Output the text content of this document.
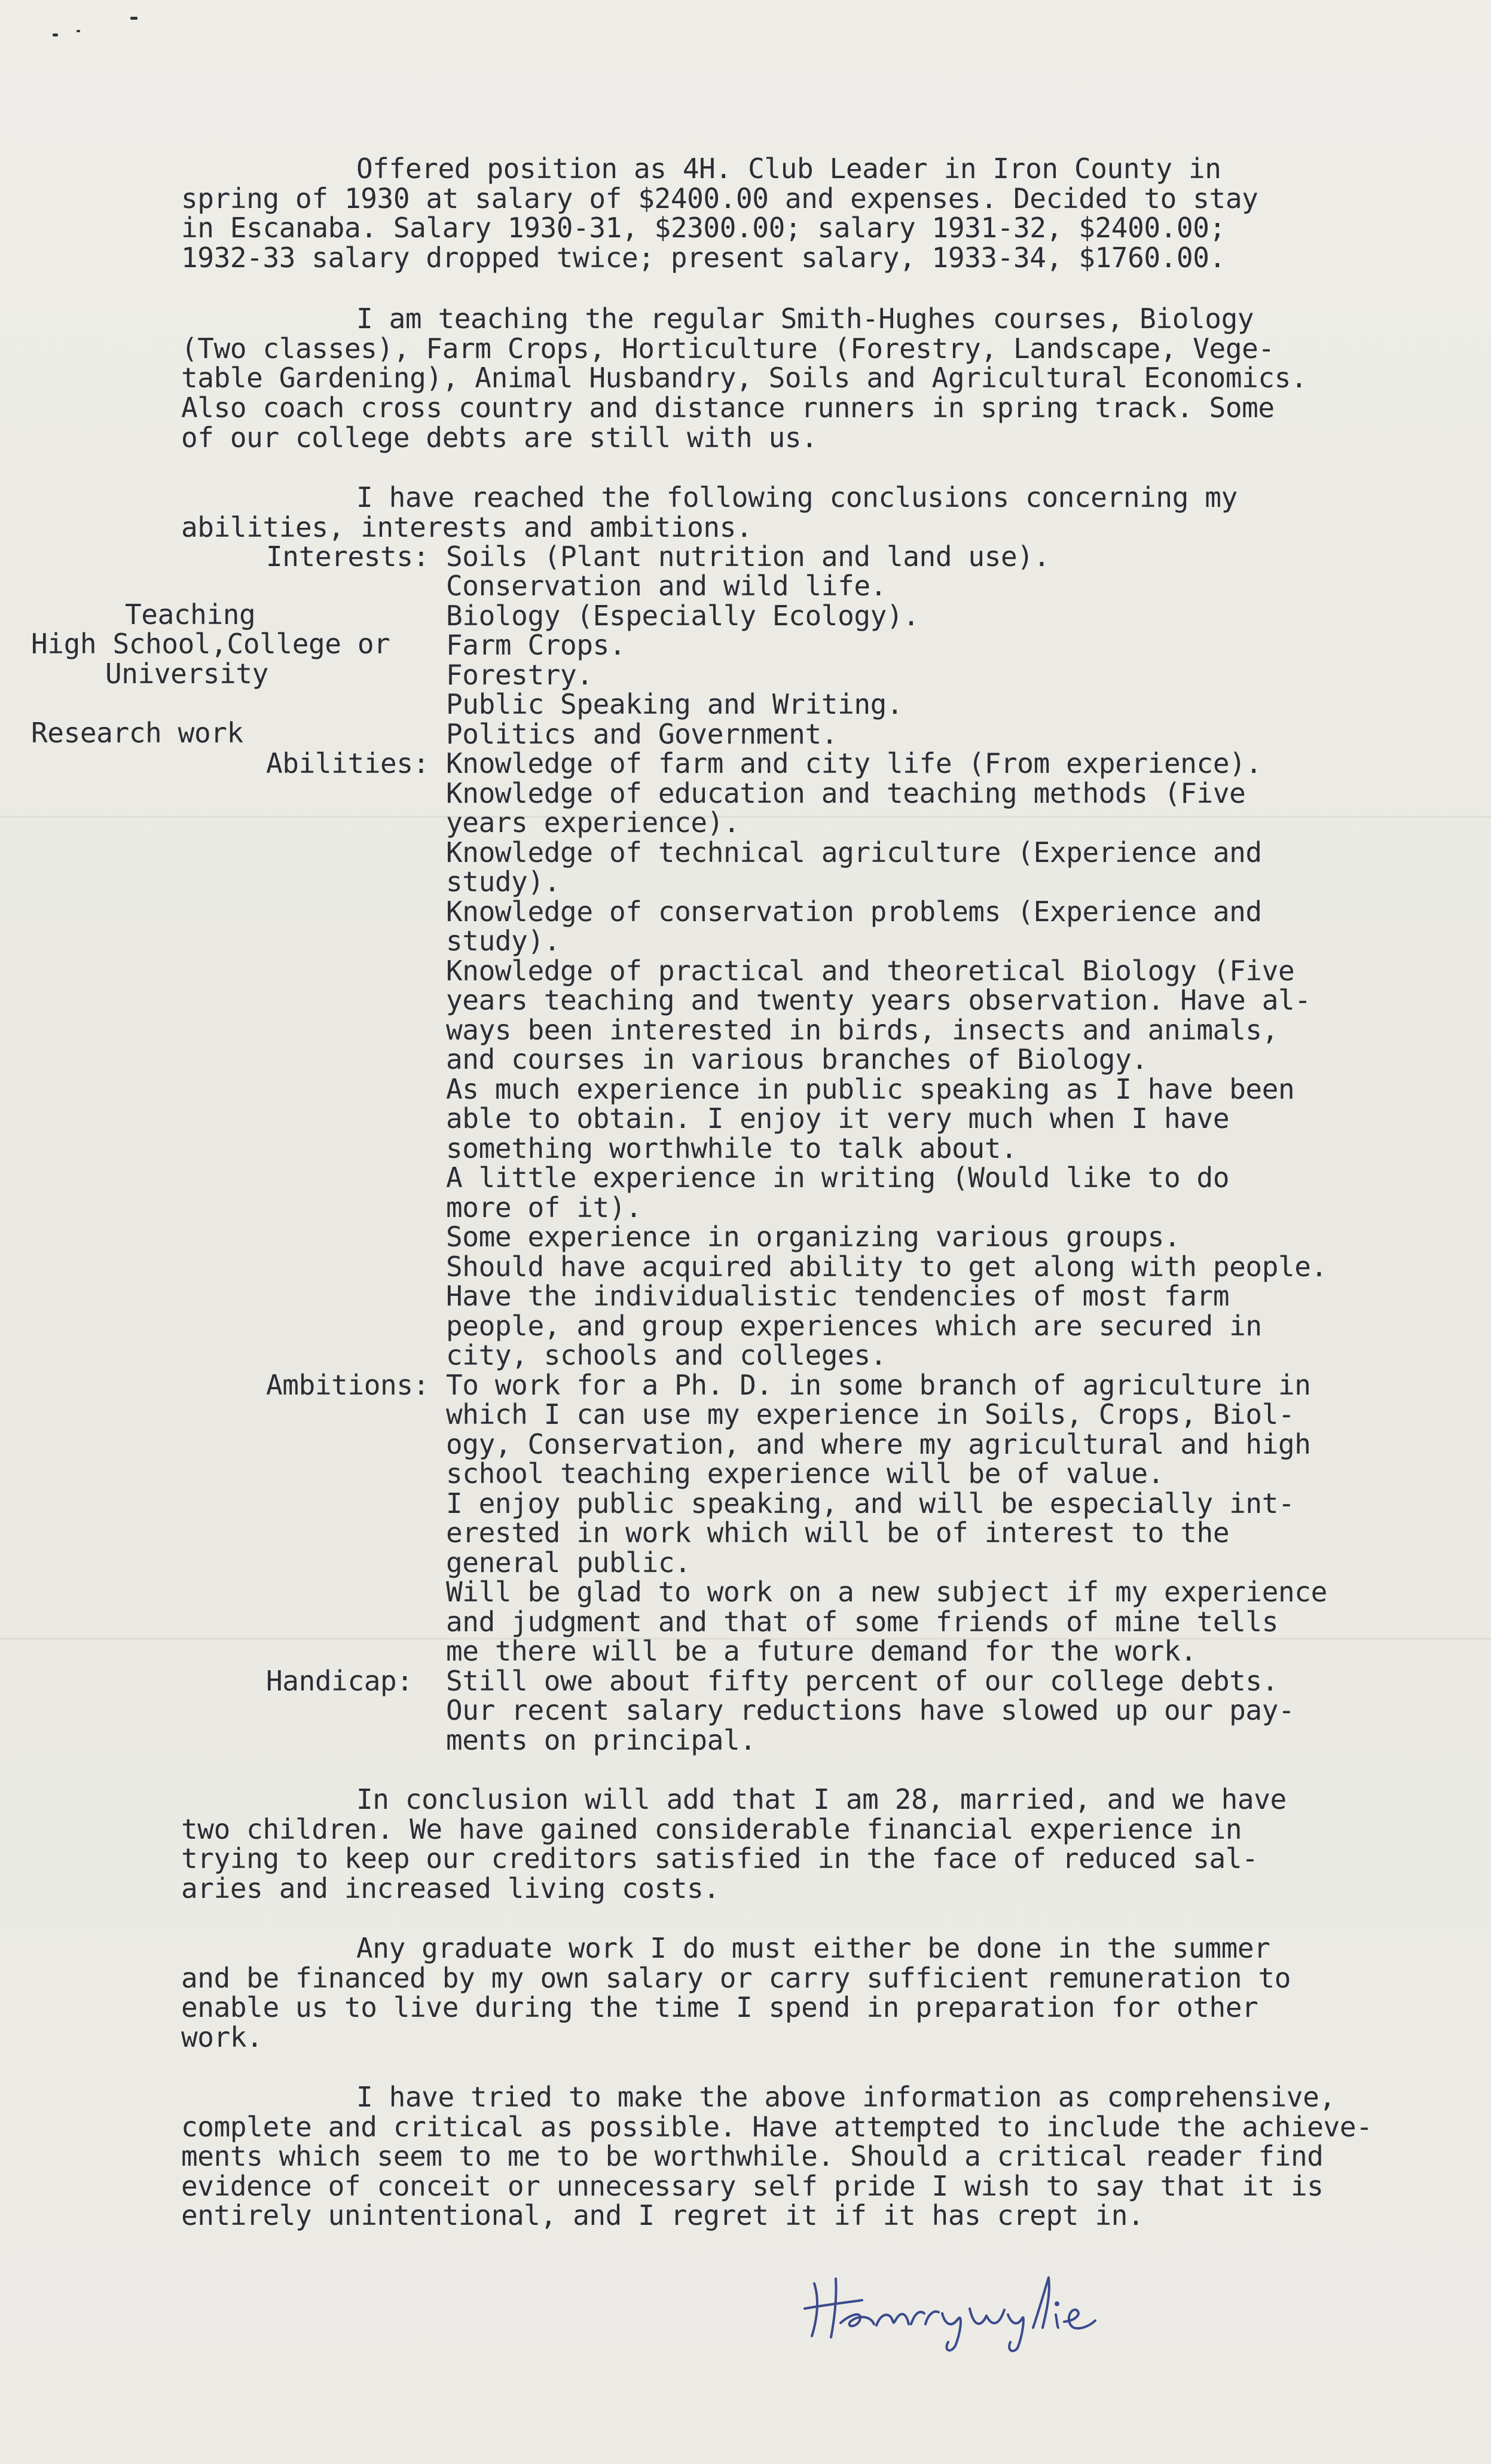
Offered position as 4H. Club Leader in Iron County in
spring of 1930 at salary of $2400.00 and expenses. Decided to stay
in Escanaba. Salary 1930-31, $2300.00; salary 1931-32, $2400.00;
1932-33 salary dropped twice; present salary, 1933-34, $1760.00.
I am teaching the regular Smith-Hughes courses, Biology
(Two classes), Farm Crops, Horticulture (Forestry, Landscape, Vege-
table Gardening), Animal Husbandry, Soils and Agricultural Economics.
Also coach cross country and distance runners in spring track. Some
of our college debts are still with us.
I have reached the following conclusions concerning my
abilities, interests and ambitions.
Teaching
High School,College or
University
Research work
Interests: Soils (Plant nutrition and land use).
Conservation and wild life.
Biology (Especially Ecology).
Farm Crops.
Forestry.
Public Speaking and Writing.
Politics and Government.
Abilities: Knowledge of farm and city life (From experience).
Knowledge of education and teaching methods (Five
years experience).
Knowledge of technical agriculture (Experience and
study).
Knowledge of conservation problems (Experience and
study).
Knowledge of practical and theoretical Biology (Five
years teaching and twenty years observation. Have al-
ways been interested in birds, insects and animals,
and courses in various branches of Biology.
As much experience in public speaking as I have been
able to obtain. I enjoy it very much when I have
something worthwhile to talk about.
A little experience in writing (Would like to do
more of it).
Some experience in organizing various groups.
Should have acquired ability to get along with people.
Have the individualistic tendencies of most farm
people, and group experiences which are secured in
city, schools and colleges.
Ambitions: To work for a Ph. D. in some branch of agriculture in
which I can use my experience in Soils, Crops, Biol-
ogy, Conservation, and where my agricultural and high
school teaching experience will be of value.
I enjoy public speaking, and will be especially int-
erested in work which will be of interest to the
general public.
Will be glad to work on a new subject if my experience
and judgment and that of some friends of mine tells
me there will be a future demand for the work.
Handicap: Still owe about fifty percent of our college debts.
Our recent salary reductions have slowed up our pay-
ments on principal.
In conclusion will add that I am 28, married, and we have
two children. We have gained considerable financial experience in
trying to keep our creditors satisfied in the face of reduced sal-
aries and increased living costs.
Any graduate work I do must either be done in the summer
and be financed by my own salary or carry sufficient remuneration to
enable us to live during the time I spend in preparation for other
work.
I have tried to make the above information as comprehensive,
complete and critical as possible. Have attempted to include the achieve-
ments which seem to me to be worthwhile. Should a critical reader find
evidence of conceit or unnecessary self pride I wish to say that it is
entirely unintentional, and I regret it if it has crept in.
